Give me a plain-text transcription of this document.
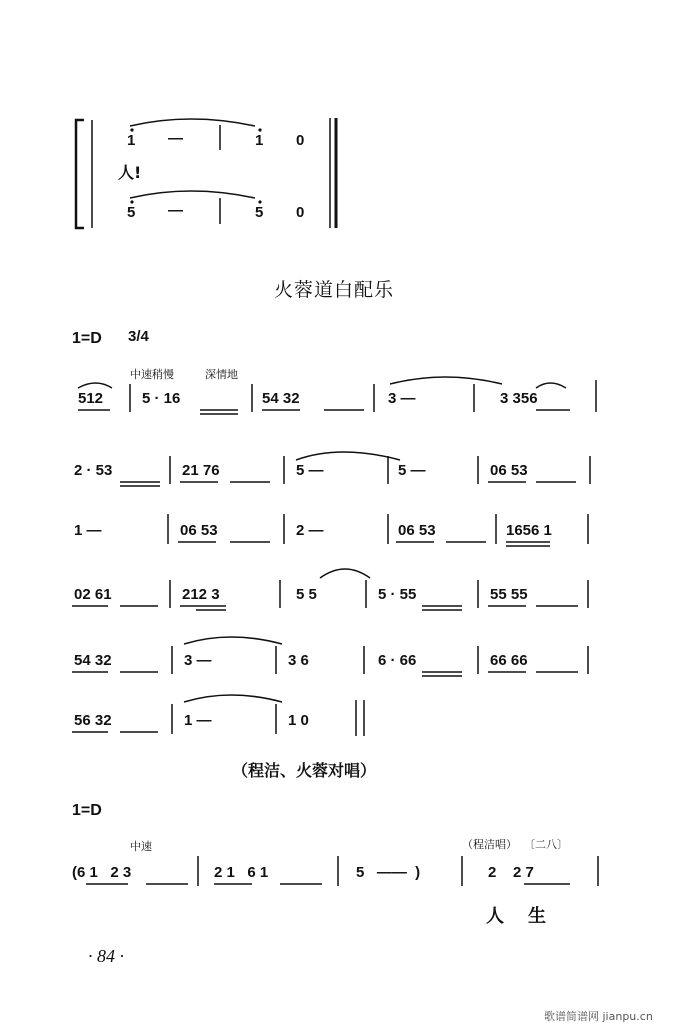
1 —	1 0
人!
5 —	5 0
火蓉道白配乐
1=D 3/4
中速稍慢	深情地
512	5 · 16	54 32	3 —	3 356
2 · 53	21 76	5 —	5 —	06 53
1 —	06 53	2 —	06 53	1656 1
02 61	212 3	5 5	5 · 55	55 55
54 32	3 —	3 6	6 · 66	66 66
56 32	1 —	1 0
（程洁、火蓉对唱）
1=D
中速	（程洁唱） 〔二八〕
(6 1   2 3	2 1   6 1	5   ——  )	2    2 7
人 生
· 84 ·
歌谱简谱网 jianpu.cn
